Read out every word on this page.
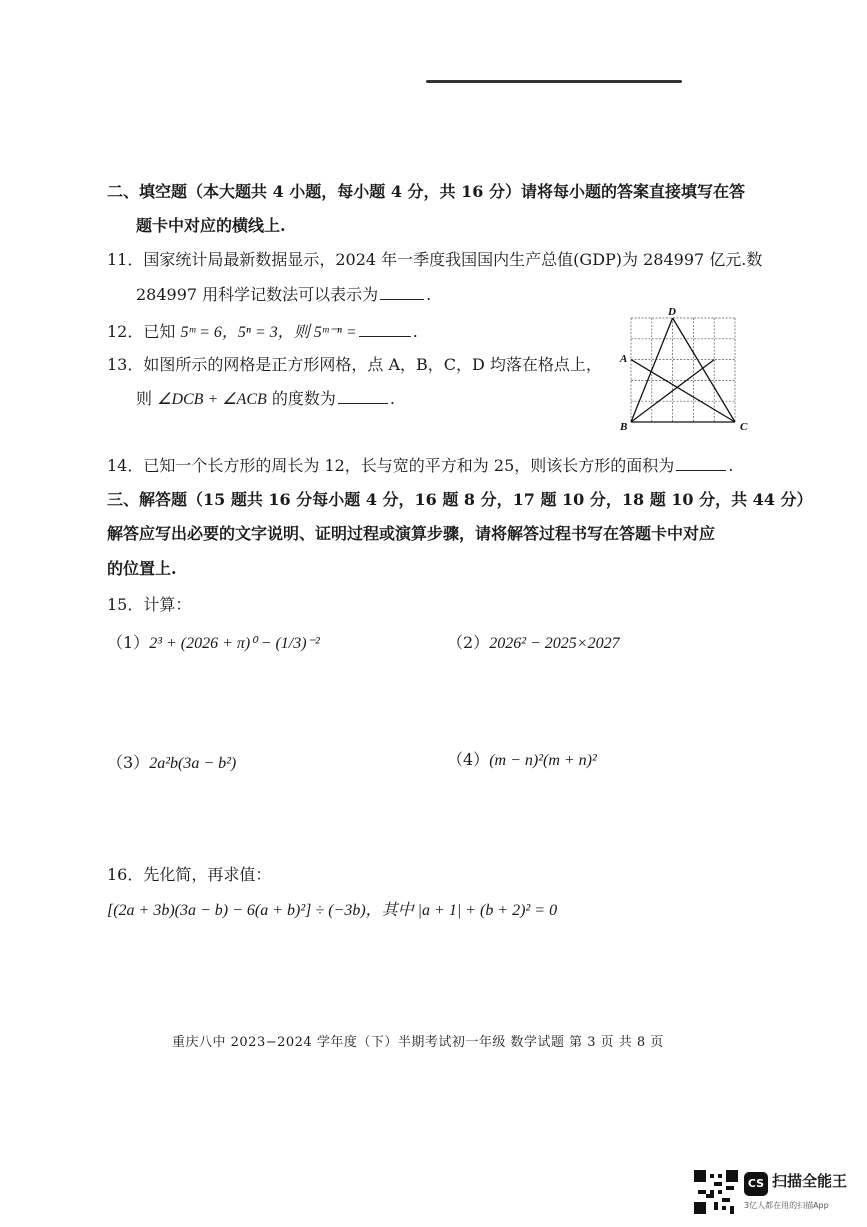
二、填空题（本大题共 4 小题，每小题 4 分，共 16 分）请将每小题的答案直接填写在答
题卡中对应的横线上.
11．国家统计局最新数据显示，2024 年一季度我国国内生产总值(GDP)为 284997 亿元.数
284997 用科学记数法可以表示为	.
12．已知 5ᵐ = 6，5ⁿ = 3，则 5ᵐ⁻ⁿ =	.
13．如图所示的网格是正方形网格，点 A，B，C，D 均落在格点上，
则 ∠DCB + ∠ACB 的度数为	.
D
A
B	C
14．已知一个长方形的周长为 12，长与宽的平方和为 25，则该长方形的面积为	.
三、解答题（15 题共 16 分每小题 4 分，16 题 8 分，17 题 10 分，18 题 10 分，共 44 分）
解答应写出必要的文字说明、证明过程或演算步骤，请将解答过程书写在答题卡中对应
的位置上.
15．计算：
（1）2³ + (2026 + π)⁰ − (1/3)⁻²	（2）2026² − 2025×2027
（3）2a²b(3a − b²)	（4）(m − n)²(m + n)²
16．先化简，再求值：
[(2a + 3b)(3a − b) − 6(a + b)²] ÷ (−3b)，其中 |a + 1| + (b + 2)² = 0
重庆八中 2023−2024 学年度（下）半期考试初一年级 数学试题 第 3 页 共 8 页
CS 扫描全能王
3亿人都在用的扫描App
